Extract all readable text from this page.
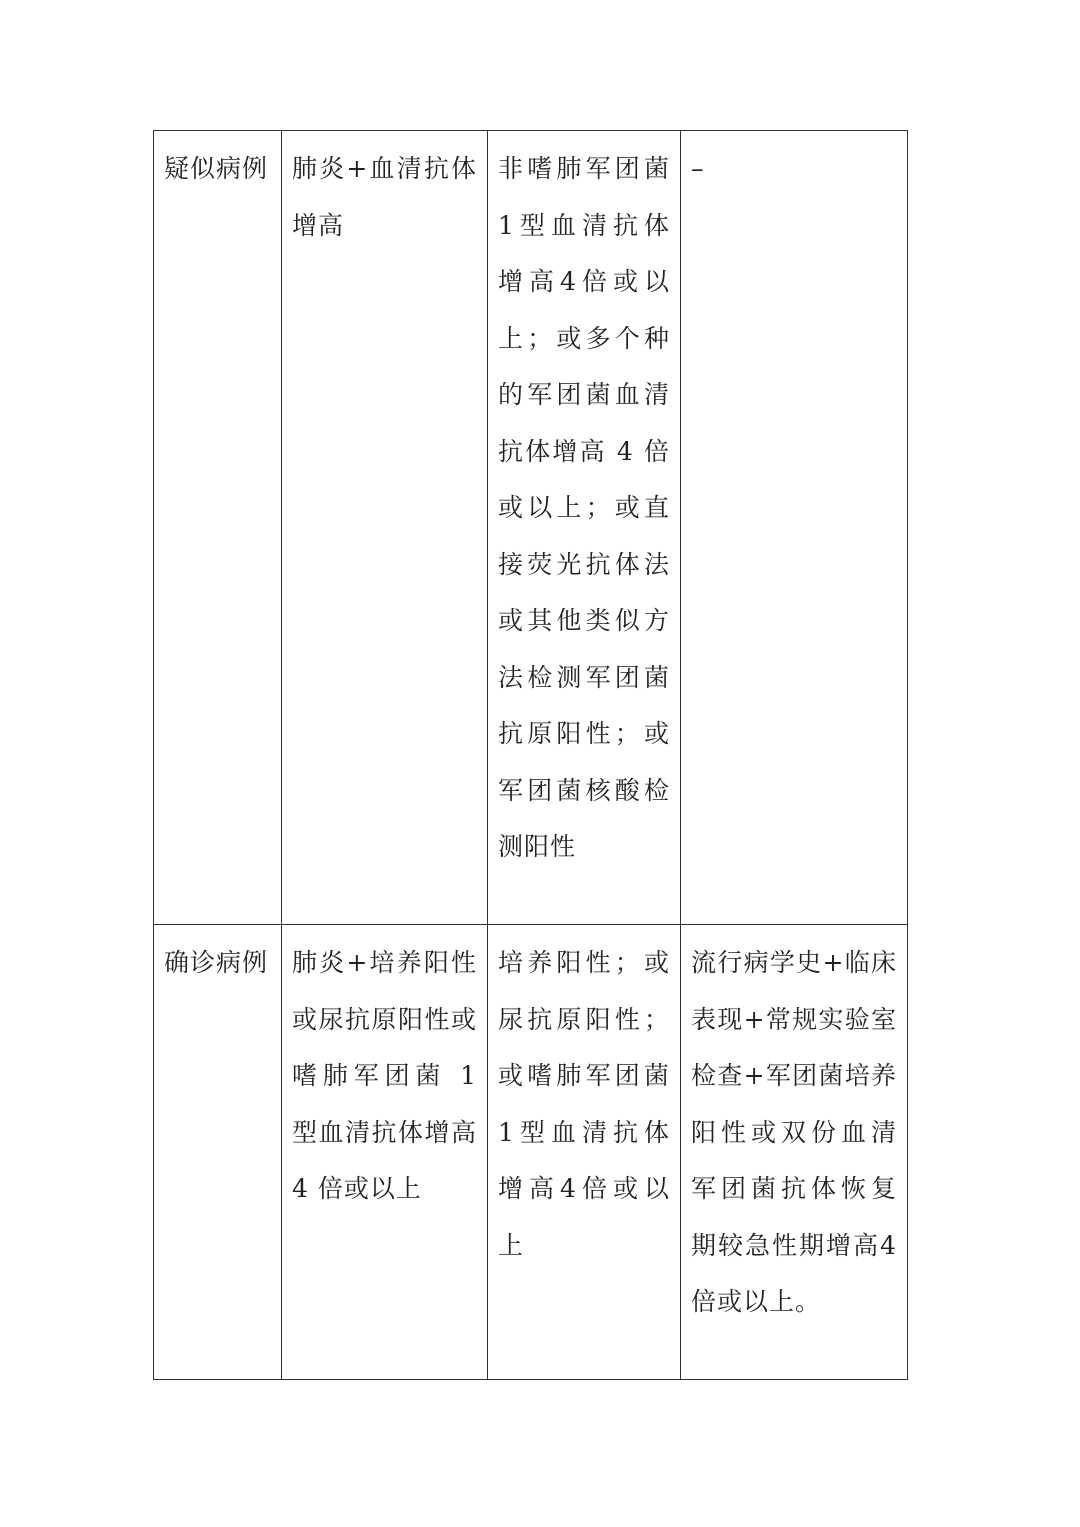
疑似病例	肺炎+血清抗体增高	非嗜肺军团菌1型血清抗体增高4倍或以上；或多个种的军团菌血清抗体增高 4 倍或以上；或直接荧光抗体法或其他类似方法检测军团菌抗原阳性；或军团菌核酸检测阳性	–

确诊病例	肺炎+培养阳性或尿抗原阳性或嗜肺军团菌 1 型血清抗体增高 4 倍或以上	培养阳性；或尿抗原阳性；或嗜肺军团菌1型血清抗体增高4倍或以上	流行病学史+临床表现+常规实验室检查+军团菌培养阳性或双份血清军团菌抗体恢复期较急性期增高4倍或以上。
